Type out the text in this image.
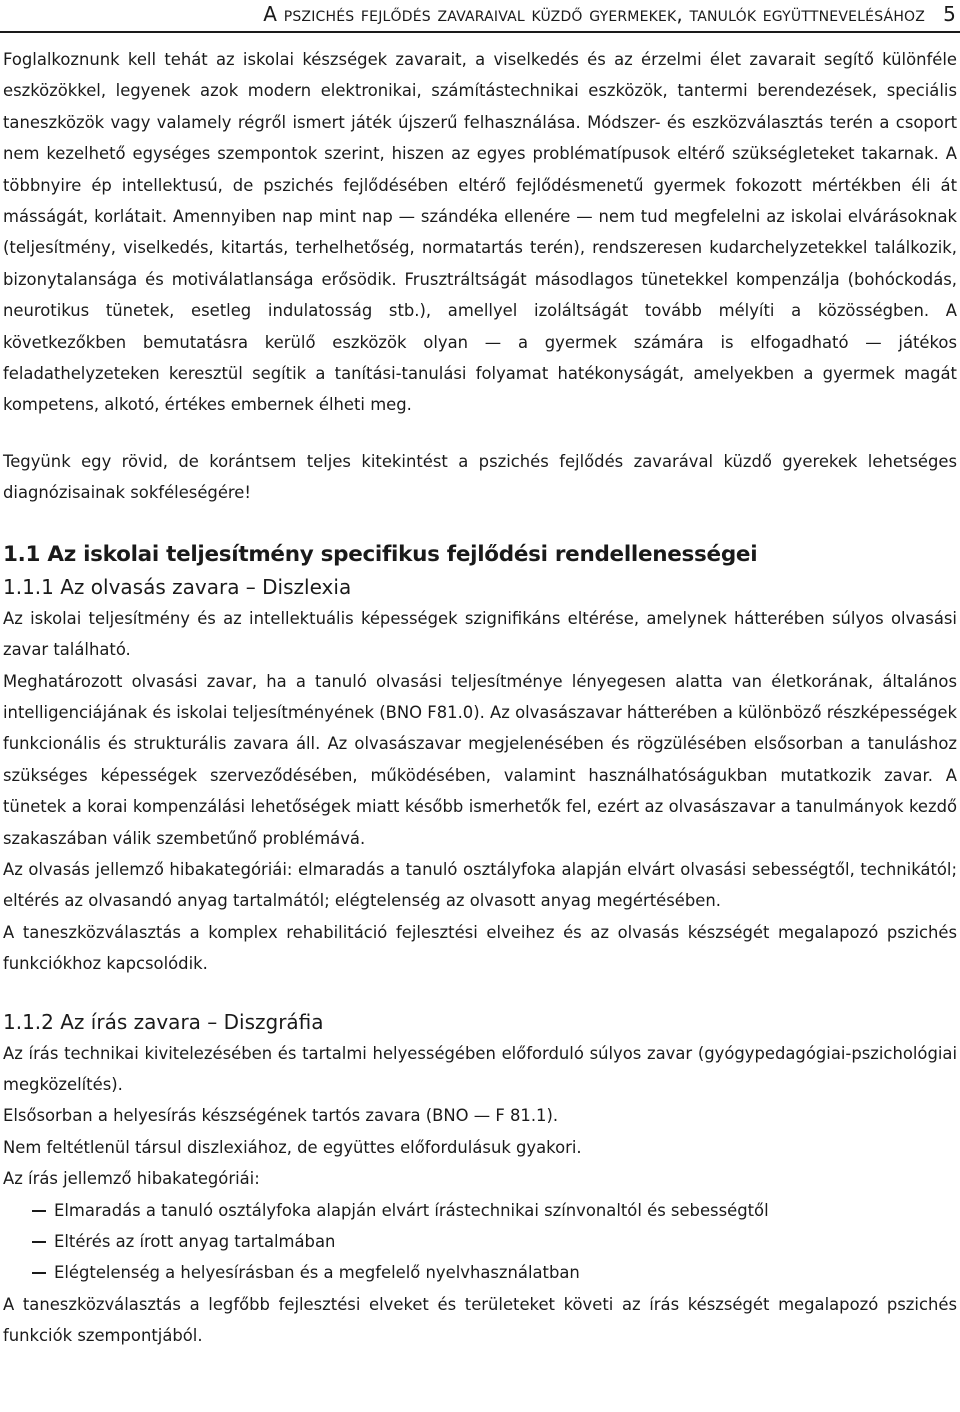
A pszichés fejlődés zavaraival küzdő gyermekek, tanulók együttnevelésához 5

Foglalkoznunk kell tehát az iskolai készségek zavarait, a viselkedés és az érzelmi élet zavarait segítő különféle eszközökkel, legyenek azok modern elektronikai, számítástechnikai eszközök, tantermi berendezések, speciális taneszközök vagy valamely régről ismert játék újszerű felhasználása. Módszer- és eszközválasztás terén a csoport nem kezelhető egységes szempontok szerint, hiszen az egyes problématípusok eltérő szükségleteket takarnak. A többnyire ép intellektusú, de pszichés fejlődésében eltérő fejlődésmenetű gyermek fokozott mértékben éli át másságát, korlátait. Amennyiben nap mint nap — szándéka ellenére — nem tud megfelelni az iskolai elvárásoknak (teljesítmény, viselkedés, kitartás, terhelhetőség, normatartás terén), rendszeresen kudarchelyzetekkel találkozik, bizonytalansága és motiválatlansága erősödik. Frusztráltságát másodlagos tünetekkel kompenzálja (bohóckodás, neurotikus tünetek, esetleg indulatosság stb.), amellyel izoláltságát tovább mélyíti a közösségben. A következőkben bemutatásra kerülő eszközök olyan — a gyermek számára is elfogadható — játékos feladathelyzeteken keresztül segítik a tanítási-tanulási folyamat hatékonyságát, amelyekben a gyermek magát kompetens, alkotó, értékes embernek élheti meg.

Tegyünk egy rövid, de korántsem teljes kitekintést a pszichés fejlődés zavarával küzdő gyerekek lehetséges diagnózisainak sokféleségére!

1.1 Az iskolai teljesítmény specifikus fejlődési rendellenességei
1.1.1 Az olvasás zavara – Diszlexia

Az iskolai teljesítmény és az intellektuális képességek szignifikáns eltérése, amelynek hátterében súlyos olvasási zavar található.

Meghatározott olvasási zavar, ha a tanuló olvasási teljesítménye lényegesen alatta van életkorának, általános intelligenciájának és iskolai teljesítményének (BNO F81.0). Az olvasászavar hátterében a különböző részképességek funkcionális és strukturális zavara áll. Az olvasászavar megjelenésében és rögzülésében elsősorban a tanuláshoz szükséges képességek szerveződésében, működésében, valamint használhatóságukban mutatkozik zavar. A tünetek a korai kompenzálási lehetőségek miatt később ismerhetők fel, ezért az olvasászavar a tanulmányok kezdő szakaszában válik szembetűnő problémává.

Az olvasás jellemző hibakategóriái: elmaradás a tanuló osztályfoka alapján elvárt olvasási sebességtől, technikától; eltérés az olvasandó anyag tartalmától; elégtelenség az olvasott anyag megértésében.

A taneszközválasztás a komplex rehabilitáció fejlesztési elveihez és az olvasás készségét megalapozó pszichés funkciókhoz kapcsolódik.

1.1.2 Az írás zavara – Diszgráfia

Az írás technikai kivitelezésében és tartalmi helyességében előforduló súlyos zavar (gyógypedagógiai-pszichológiai megközelítés).

Elsősorban a helyesírás készségének tartós zavara (BNO — F 81.1).

Nem feltétlenül társul diszlexiához, de együttes előfordulásuk gyakori.

Az írás jellemző hibakategóriái:

Elmaradás a tanuló osztályfoka alapján elvárt írástechnikai színvonaltól és sebességtől
Eltérés az írott anyag tartalmában
Elégtelenség a helyesírásban és a megfelelő nyelvhasználatban

A taneszközválasztás a legfőbb fejlesztési elveket és területeket követi az írás készségét megalapozó pszichés funkciók szempontjából.
